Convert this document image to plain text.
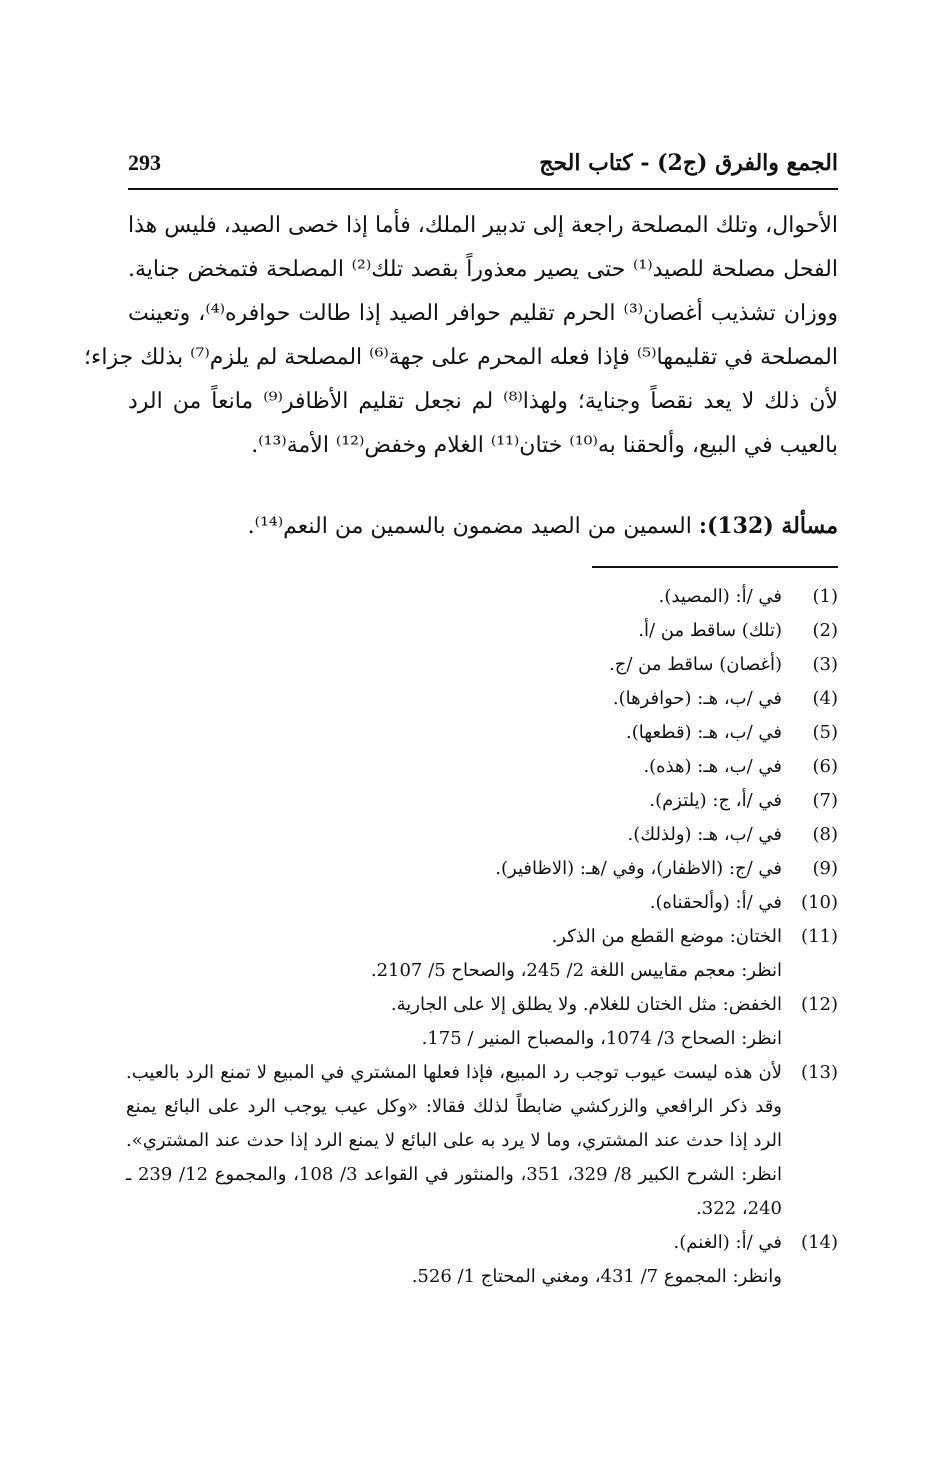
الجمع والفرق (ج2) - كتاب الحج
293
الأحوال، وتلك المصلحة راجعة إلى تدبير الملك، فأما إذا خصى الصيد، فليس هذا
الفحل مصلحة للصيد⁽¹⁾ حتى يصير معذوراً بقصد تلك⁽²⁾ المصلحة فتمخض جناية.
ووزان تشذيب أغصان⁽³⁾ الحرم تقليم حوافر الصيد إذا طالت حوافره⁽⁴⁾، وتعينت
المصلحة في تقليمها⁽⁵⁾ فإذا فعله المحرم على جهة⁽⁶⁾ المصلحة لم يلزم⁽⁷⁾ بذلك جزاء؛
لأن ذلك لا يعد نقصاً وجناية؛ ولهذا⁽⁸⁾ لم نجعل تقليم الأظافر⁽⁹⁾ مانعاً من الرد
بالعيب في البيع، وألحقنا به⁽¹⁰⁾ ختان⁽¹¹⁾ الغلام وخفض⁽¹²⁾ الأمة⁽¹³⁾.
مسألة (132): السمين من الصيد مضمون بالسمين من النعم⁽¹⁴⁾.
(1)
في /أ: (المصيد).
(2)
(تلك) ساقط من /أ.
(3)
(أغصان) ساقط من /ج.
(4)
في /ب، هـ: (حوافرها).
(5)
في /ب، هـ: (قطعها).
(6)
في /ب، هـ: (هذه).
(7)
في /أ، ج: (يلتزم).
(8)
في /ب، هـ: (ولذلك).
(9)
في /ج: (الاظفار)، وفي /هـ: (الاظافير).
(10)
في /أ: (وألحقناه).
(11)
الختان: موضع القطع من الذكر.
انظر: معجم مقاييس اللغة 2/ 245، والصحاح 5/ 2107.
(12)
الخفض: مثل الختان للغلام. ولا يطلق إلا على الجارية.
انظر: الصحاح 3/ 1074، والمصباح المنير / 175.
(13)
لأن هذه ليست عيوب توجب رد المبيع، فإذا فعلها المشتري في المبيع لا تمنع الرد بالعيب.
وقد ذكر الرافعي والزركشي ضابطاً لذلك فقالا: «وكل عيب يوجب الرد على البائع يمنع
الرد إذا حدث عند المشتري، وما لا يرد به على البائع لا يمنع الرد إذا حدث عند المشتري».
انظر: الشرح الكبير 8/ 329، 351، والمنثور في القواعد 3/ 108، والمجموع 12/ 239 ـ
240، 322.
(14)
في /أ: (الغنم).
وانظر: المجموع 7/ 431، ومغني المحتاج 1/ 526.
